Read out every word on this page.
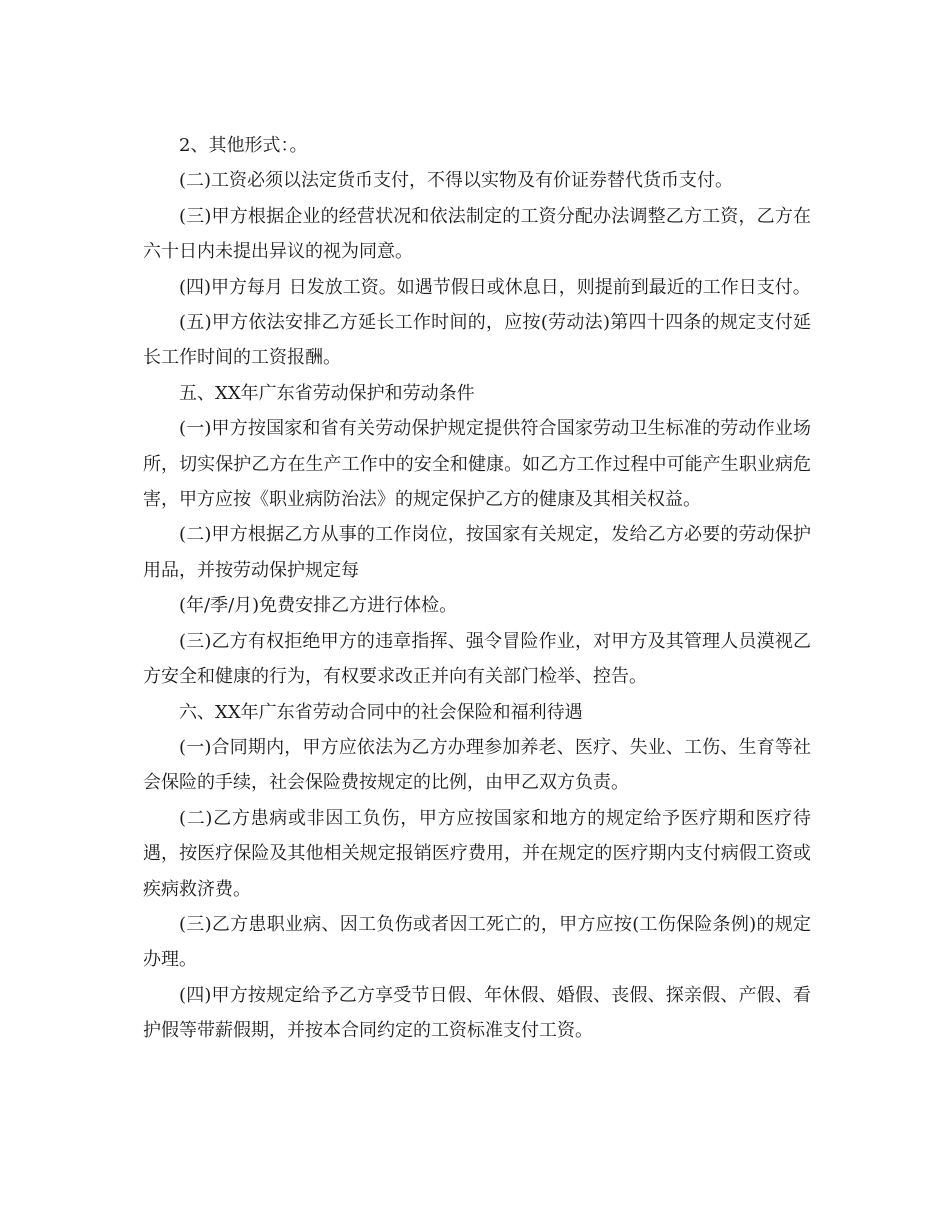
2、其他形式：。

(二)工资必须以法定货币支付，不得以实物及有价证券替代货币支付。

(三)甲方根据企业的经营状况和依法制定的工资分配办法调整乙方工资，乙方在六十日内未提出异议的视为同意。

(四)甲方每月 日发放工资。如遇节假日或休息日，则提前到最近的工作日支付。

(五)甲方依法安排乙方延长工作时间的，应按(劳动法)第四十四条的规定支付延长工作时间的工资报酬。

五、XX年广东省劳动保护和劳动条件

(一)甲方按国家和省有关劳动保护规定提供符合国家劳动卫生标准的劳动作业场所，切实保护乙方在生产工作中的安全和健康。如乙方工作过程中可能产生职业病危害，甲方应按《职业病防治法》的规定保护乙方的健康及其相关权益。

(二)甲方根据乙方从事的工作岗位，按国家有关规定，发给乙方必要的劳动保护用品，并按劳动保护规定每

(年/季/月)免费安排乙方进行体检。

(三)乙方有权拒绝甲方的违章指挥、强令冒险作业，对甲方及其管理人员漠视乙方安全和健康的行为，有权要求改正并向有关部门检举、控告。

六、XX年广东省劳动合同中的社会保险和福利待遇

(一)合同期内，甲方应依法为乙方办理参加养老、医疗、失业、工伤、生育等社会保险的手续，社会保险费按规定的比例，由甲乙双方负责。

(二)乙方患病或非因工负伤，甲方应按国家和地方的规定给予医疗期和医疗待遇，按医疗保险及其他相关规定报销医疗费用，并在规定的医疗期内支付病假工资或疾病救济费。

(三)乙方患职业病、因工负伤或者因工死亡的，甲方应按(工伤保险条例)的规定办理。

(四)甲方按规定给予乙方享受节日假、年休假、婚假、丧假、探亲假、产假、看护假等带薪假期，并按本合同约定的工资标准支付工资。
